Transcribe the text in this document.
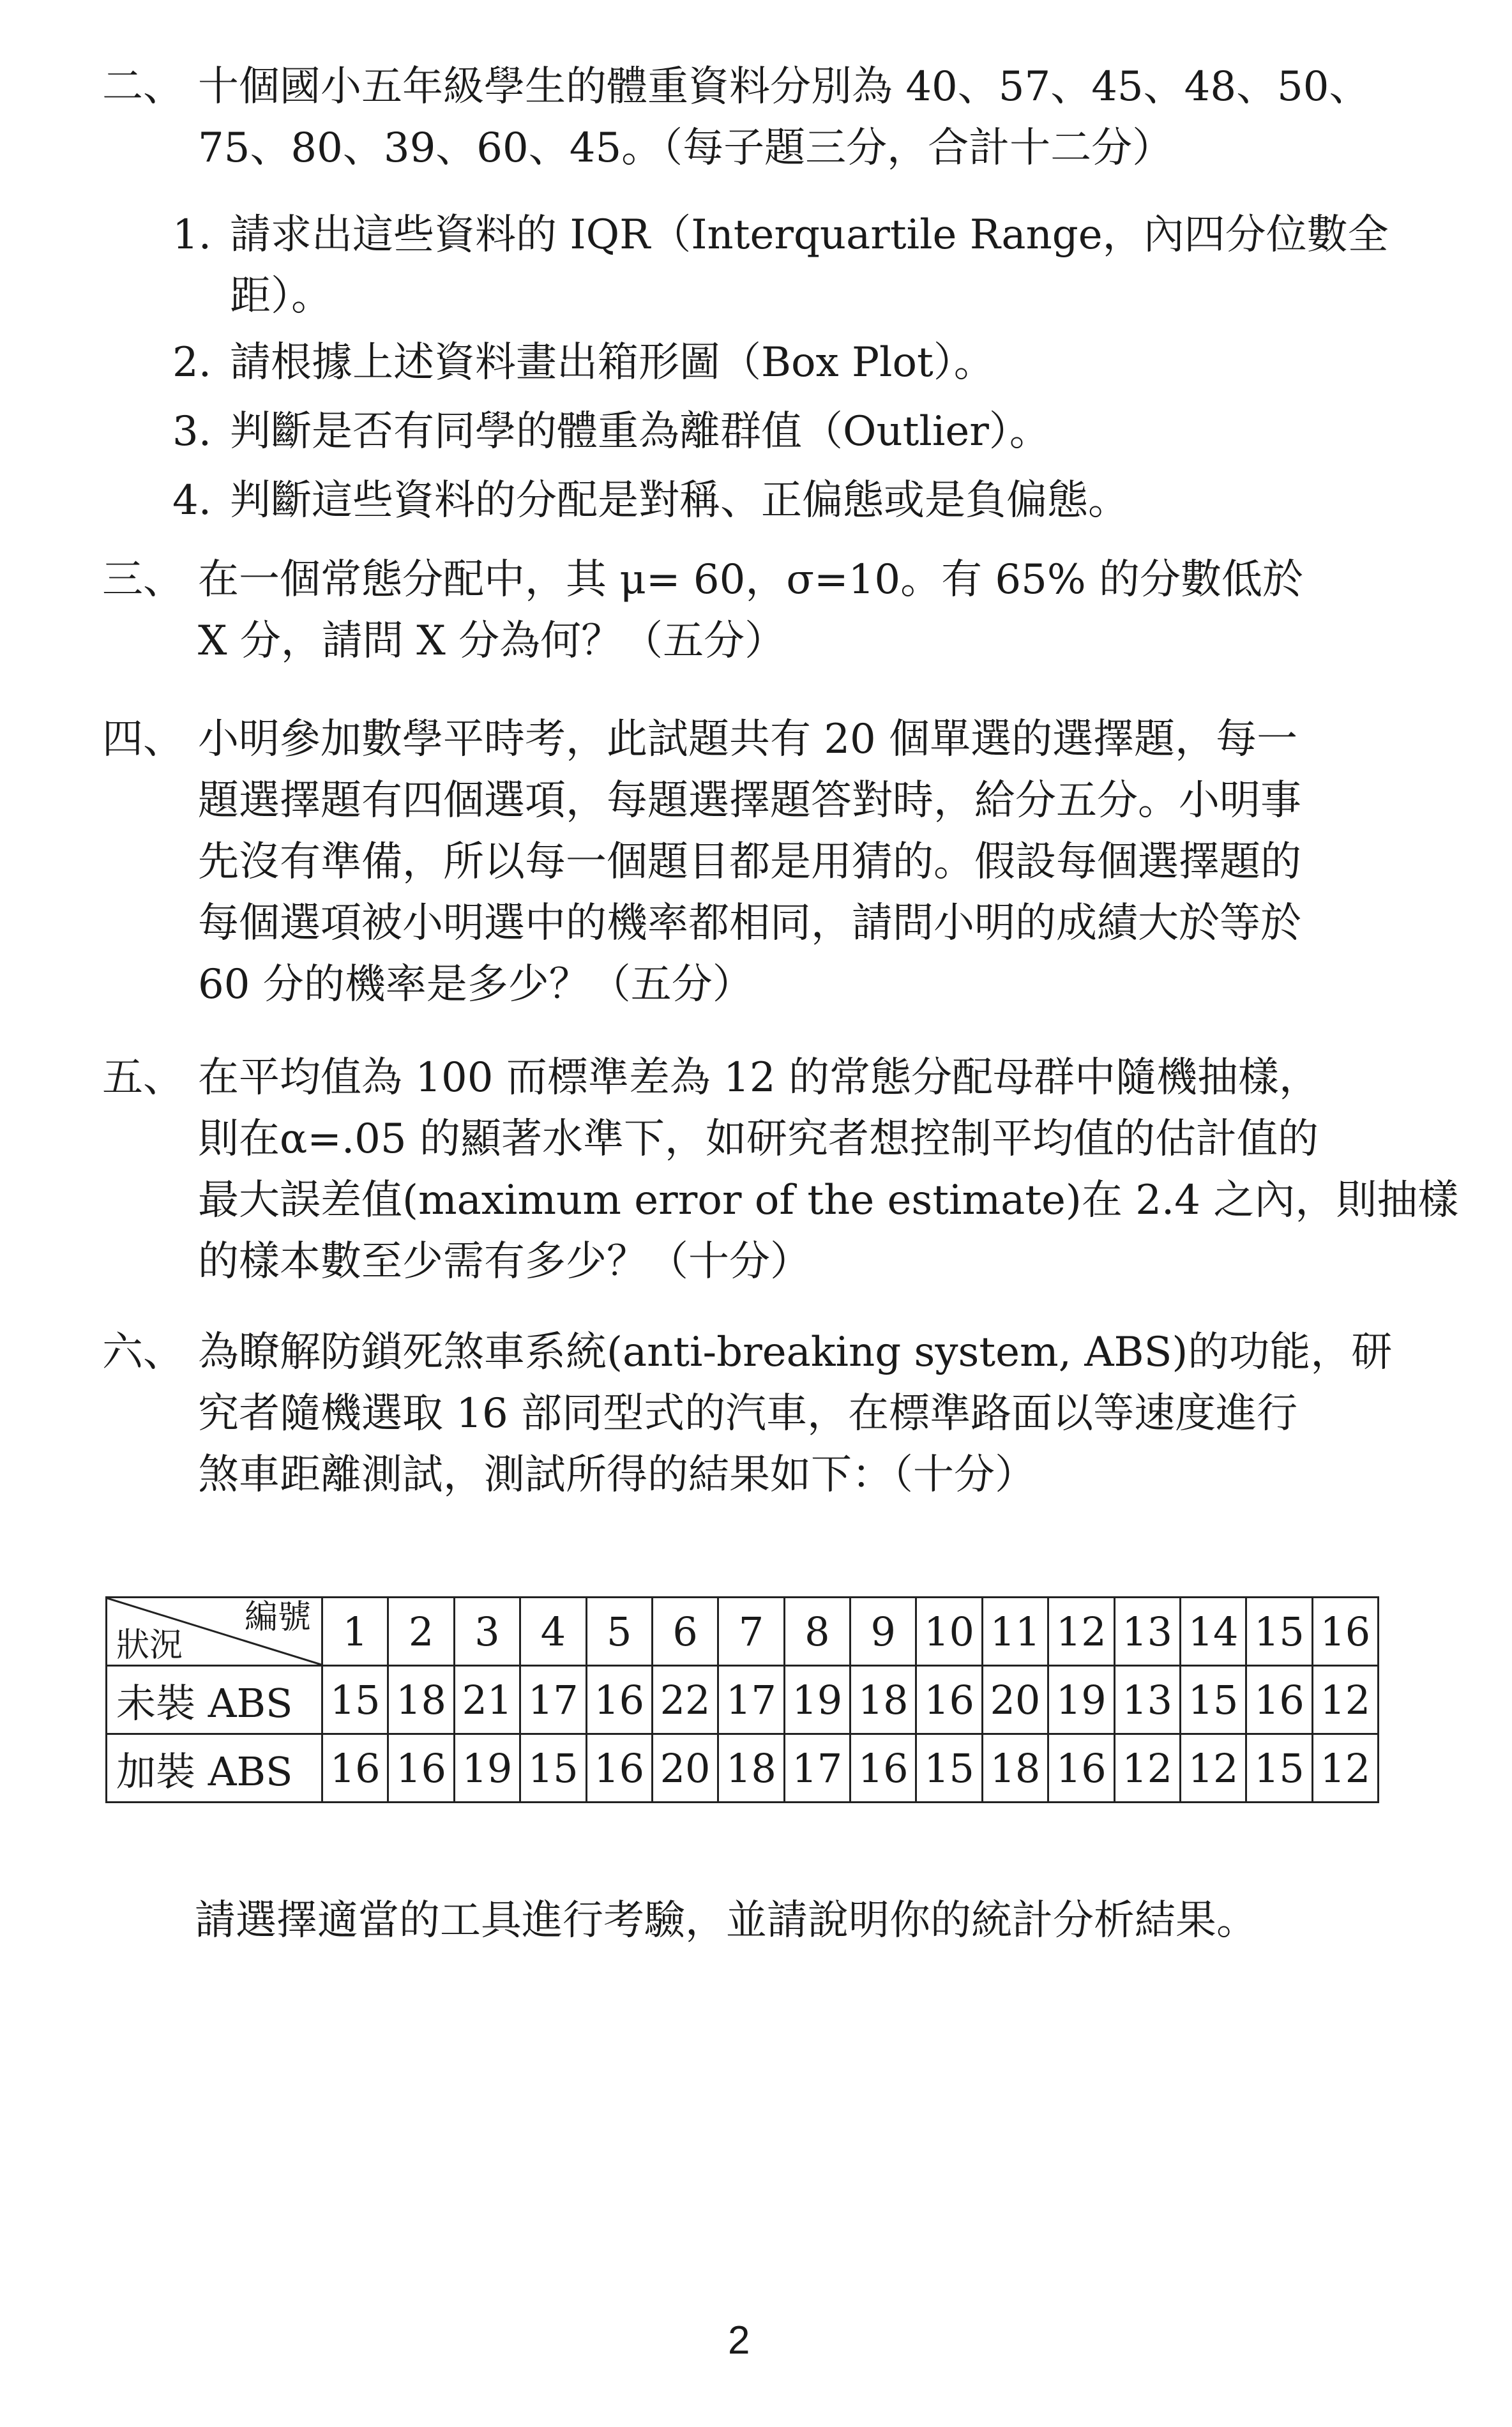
二、 十個國小五年級學生的體重資料分別為 40、57、45、48、50、
75、80、39、60、45。（每子題三分，合計十二分）
1. 請求出這些資料的 IQR（Interquartile Range，內四分位數全
距）。
2. 請根據上述資料畫出箱形圖（Box Plot）。
3. 判斷是否有同學的體重為離群值（Outlier）。
4. 判斷這些資料的分配是對稱、正偏態或是負偏態。
三、 在一個常態分配中，其 μ= 60，σ=10。有 65% 的分數低於
X 分，請問 X 分為何？（五分）
四、 小明參加數學平時考，此試題共有 20 個單選的選擇題，每一
題選擇題有四個選項，每題選擇題答對時，給分五分。小明事
先沒有準備，所以每一個題目都是用猜的。假設每個選擇題的
每個選項被小明選中的機率都相同，請問小明的成績大於等於
60 分的機率是多少？（五分）
五、 在平均值為 100 而標準差為 12 的常態分配母群中隨機抽樣，
則在α=.05 的顯著水準下，如研究者想控制平均值的估計值的
最大誤差值(maximum error of the estimate)在 2.4 之內，則抽樣
的樣本數至少需有多少？（十分）
六、 為瞭解防鎖死煞車系統(anti-breaking system, ABS)的功能，研
究者隨機選取 16 部同型式的汽車，在標準路面以等速度進行
煞車距離測試，測試所得的結果如下：（十分）
編號
狀況	1	2	3	4	5	6	7	8	9	10	11	12	13	14	15	16
未裝 ABS	15	18	21	17	16	22	17	19	18	16	20	19	13	15	16	12
加裝 ABS	16	16	19	15	16	20	18	17	16	15	18	16	12	12	15	12
請選擇適當的工具進行考驗，並請說明你的統計分析結果。
2
